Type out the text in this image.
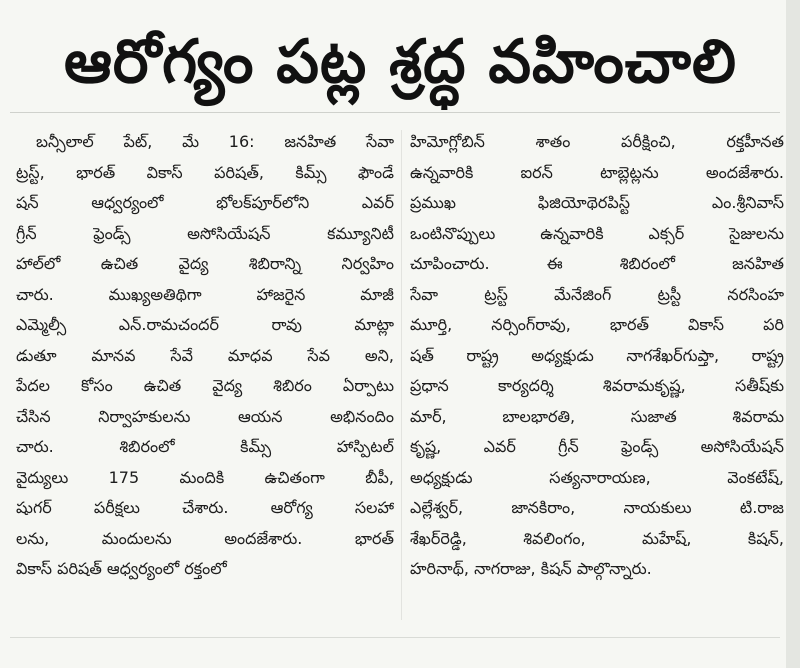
ఆరోగ్యం పట్ల శ్రద్ధ వహించాలి
బన్సీలాల్ పేట్, మే 16: జనహిత సేవా
ట్రస్ట్, భారత్ వికాస్ పరిషత్, కిమ్స్ ఫౌండే
షన్ ఆధ్వర్యంలో భోలక్‌పూర్‌లోని ఎవర్
గ్రీన్ ఫ్రెండ్స్ అసోసియేషన్ కమ్యూనిటీ
హాల్‌లో ఉచిత వైద్య శిబిరాన్ని నిర్వహిం
చారు. ముఖ్యఅతిథిగా హాజరైన మాజీ
ఎమ్మెల్సీ ఎన్.రామచందర్ రావు మాట్లా
డుతూ మానవ సేవే మాధవ సేవ అని,
పేదల కోసం ఉచిత వైద్య శిబిరం ఏర్పాటు
చేసిన నిర్వాహకులను ఆయన అభినందిం
చారు. శిబిరంలో కిమ్స్ హాస్పిటల్
వైద్యులు 175 మందికి ఉచితంగా బీపీ,
షుగర్ పరీక్షలు చేశారు. ఆరోగ్య సలహా
లను, మందులను అందజేశారు. భారత్
వికాస్ పరిషత్ ఆధ్వర్యంలో రక్తంలో
హిమోగ్లోబిన్ శాతం పరీక్షించి, రక్తహీనత
ఉన్నవారికి ఐరన్ టాబ్లెట్లను అందజేశారు.
ప్రముఖ ఫిజియోథెరపిస్ట్ ఎం.శ్రీనివాస్
ఒంటినొప్పులు ఉన్నవారికి ఎక్సర్ సైజులను
చూపించారు. ఈ శిబిరంలో జనహిత
సేవా ట్రస్ట్ మేనేజింగ్ ట్రస్టీ నరసింహ
మూర్తి, నర్సింగ్‌రావు, భారత్ వికాస్ పరి
షత్ రాష్ట్ర అధ్యక్షుడు నాగశేఖర్‌గుప్తా, రాష్ట్ర
ప్రధాన కార్యదర్శి శివరామకృష్ణ, సతీష్‌కు
మార్, బాలభారతి, సుజాత శివరామ
కృష్ణ, ఎవర్ గ్రీన్ ఫ్రెండ్స్ అసోసియేషన్
అధ్యక్షుడు సత్యనారాయణ, వెంకటేష్,
ఎల్లేశ్వర్, జానకిరాం, నాయకులు టి.రాజ
శేఖర్‌రెడ్డి, శివలింగం, మహేష్, కిషన్,
హరినాథ్, నాగరాజు, కిషన్ పాల్గొన్నారు.
